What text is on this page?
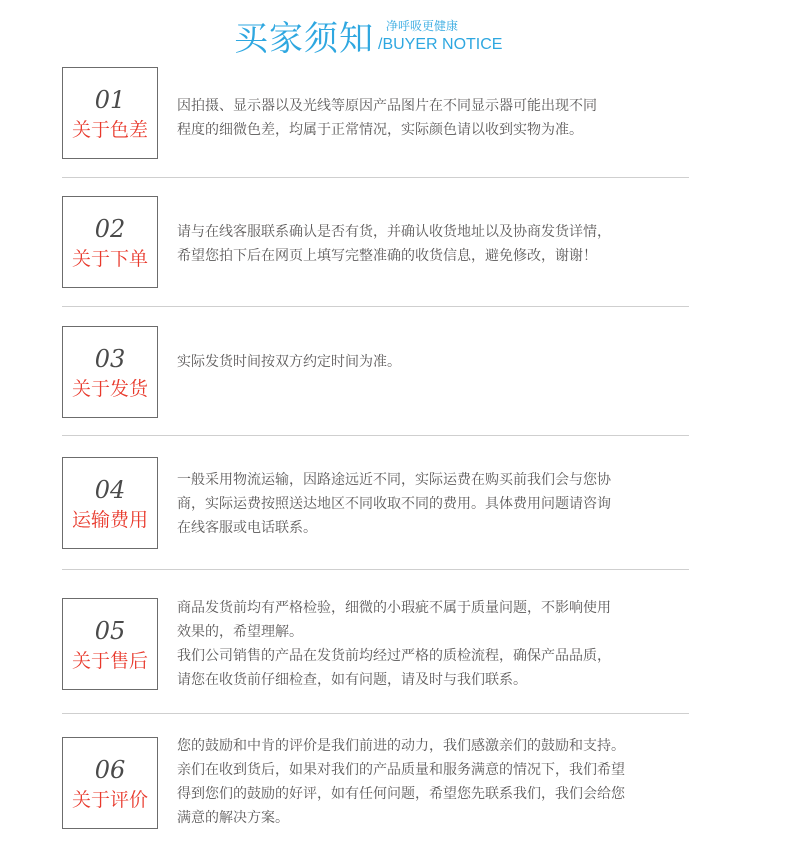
买家须知 净呼吸更健康
/BUYER NOTICE
01
关于色差

因拍摄、显示器以及光线等原因产品图片在不同显示器可能出现不同

程度的细微色差，均属于正常情况，实际颜色请以收到实物为准。

02
关于下单

请与在线客服联系确认是否有货，并确认收货地址以及协商发货详情，

希望您拍下后在网页上填写完整准确的收货信息，避免修改，谢谢！

03
关于发货

实际发货时间按双方约定时间为准。

04
运输费用

一般采用物流运输，因路途远近不同，实际运费在购买前我们会与您协

商，实际运费按照送达地区不同收取不同的费用。具体费用问题请咨询

在线客服或电话联系。

05
关于售后

商品发货前均有严格检验，细微的小瑕疵不属于质量问题，不影响使用

效果的，希望理解。

我们公司销售的产品在发货前均经过严格的质检流程，确保产品品质，

请您在收货前仔细检查，如有问题，请及时与我们联系。

06
关于评价

您的鼓励和中肯的评价是我们前进的动力，我们感激亲们的鼓励和支持。

亲们在收到货后，如果对我们的产品质量和服务满意的情况下，我们希望

得到您们的鼓励的好评，如有任何问题，希望您先联系我们，我们会给您

满意的解决方案。
